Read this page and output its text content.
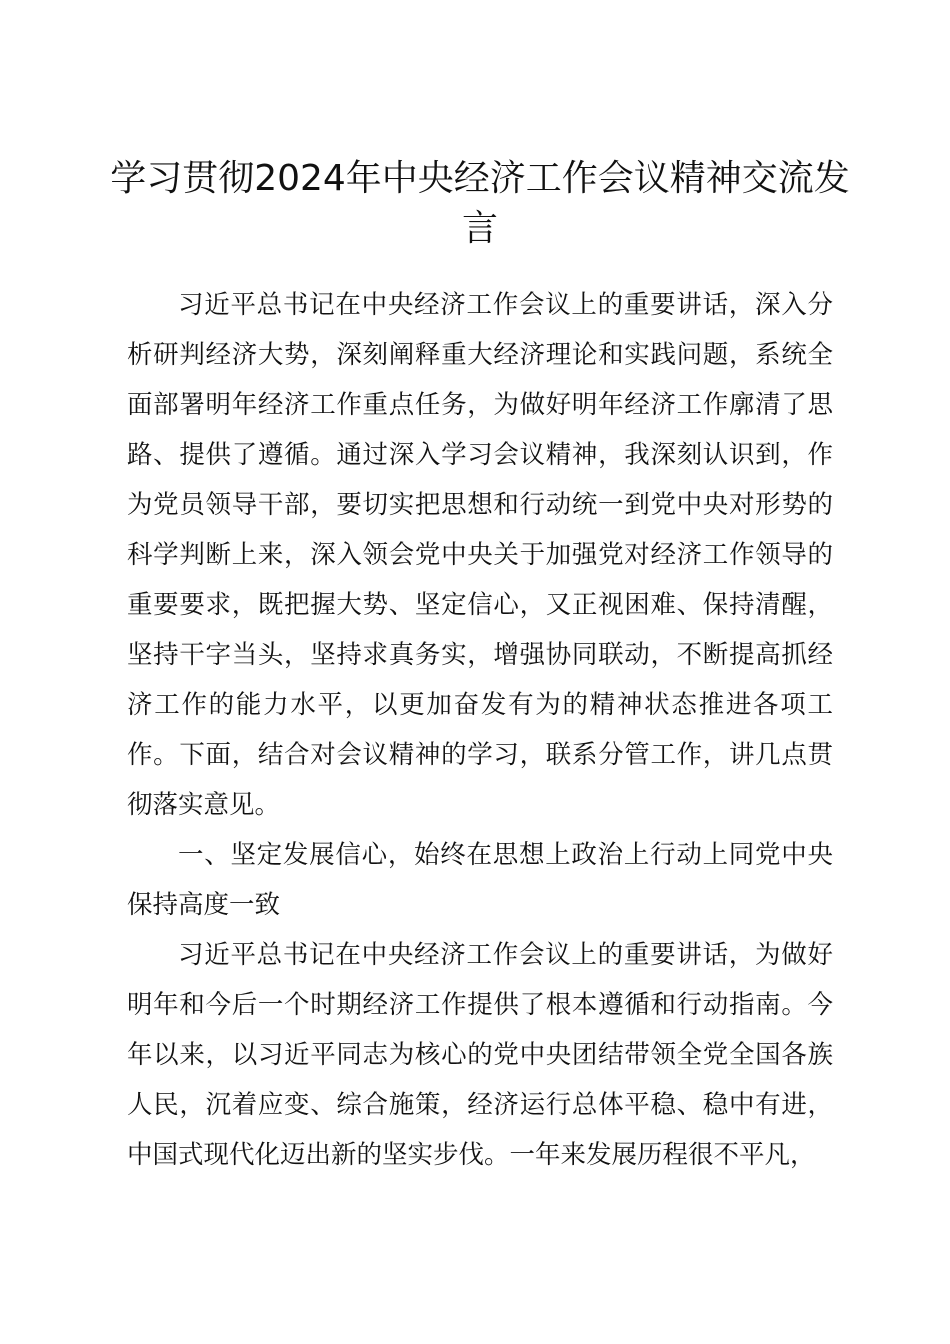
学习贯彻2024年中央经济工作会议精神交流发言

习近平总书记在中央经济工作会议上的重要讲话，深入分析研判经济大势，深刻阐释重大经济理论和实践问题，系统全面部署明年经济工作重点任务，为做好明年经济工作廓清了思路、提供了遵循。通过深入学习会议精神，我深刻认识到，作为党员领导干部，要切实把思想和行动统一到党中央对形势的科学判断上来，深入领会党中央关于加强党对经济工作领导的重要要求，既把握大势、坚定信心，又正视困难、保持清醒，坚持干字当头，坚持求真务实，增强协同联动，不断提高抓经济工作的能力水平，以更加奋发有为的精神状态推进各项工作。下面，结合对会议精神的学习，联系分管工作，讲几点贯彻落实意见。

一、坚定发展信心，始终在思想上政治上行动上同党中央保持高度一致

习近平总书记在中央经济工作会议上的重要讲话，为做好明年和今后一个时期经济工作提供了根本遵循和行动指南。今年以来，以习近平同志为核心的党中央团结带领全党全国各族人民，沉着应变、综合施策，经济运行总体平稳、稳中有进，中国式现代化迈出新的坚实步伐。一年来发展历程很不平凡，
